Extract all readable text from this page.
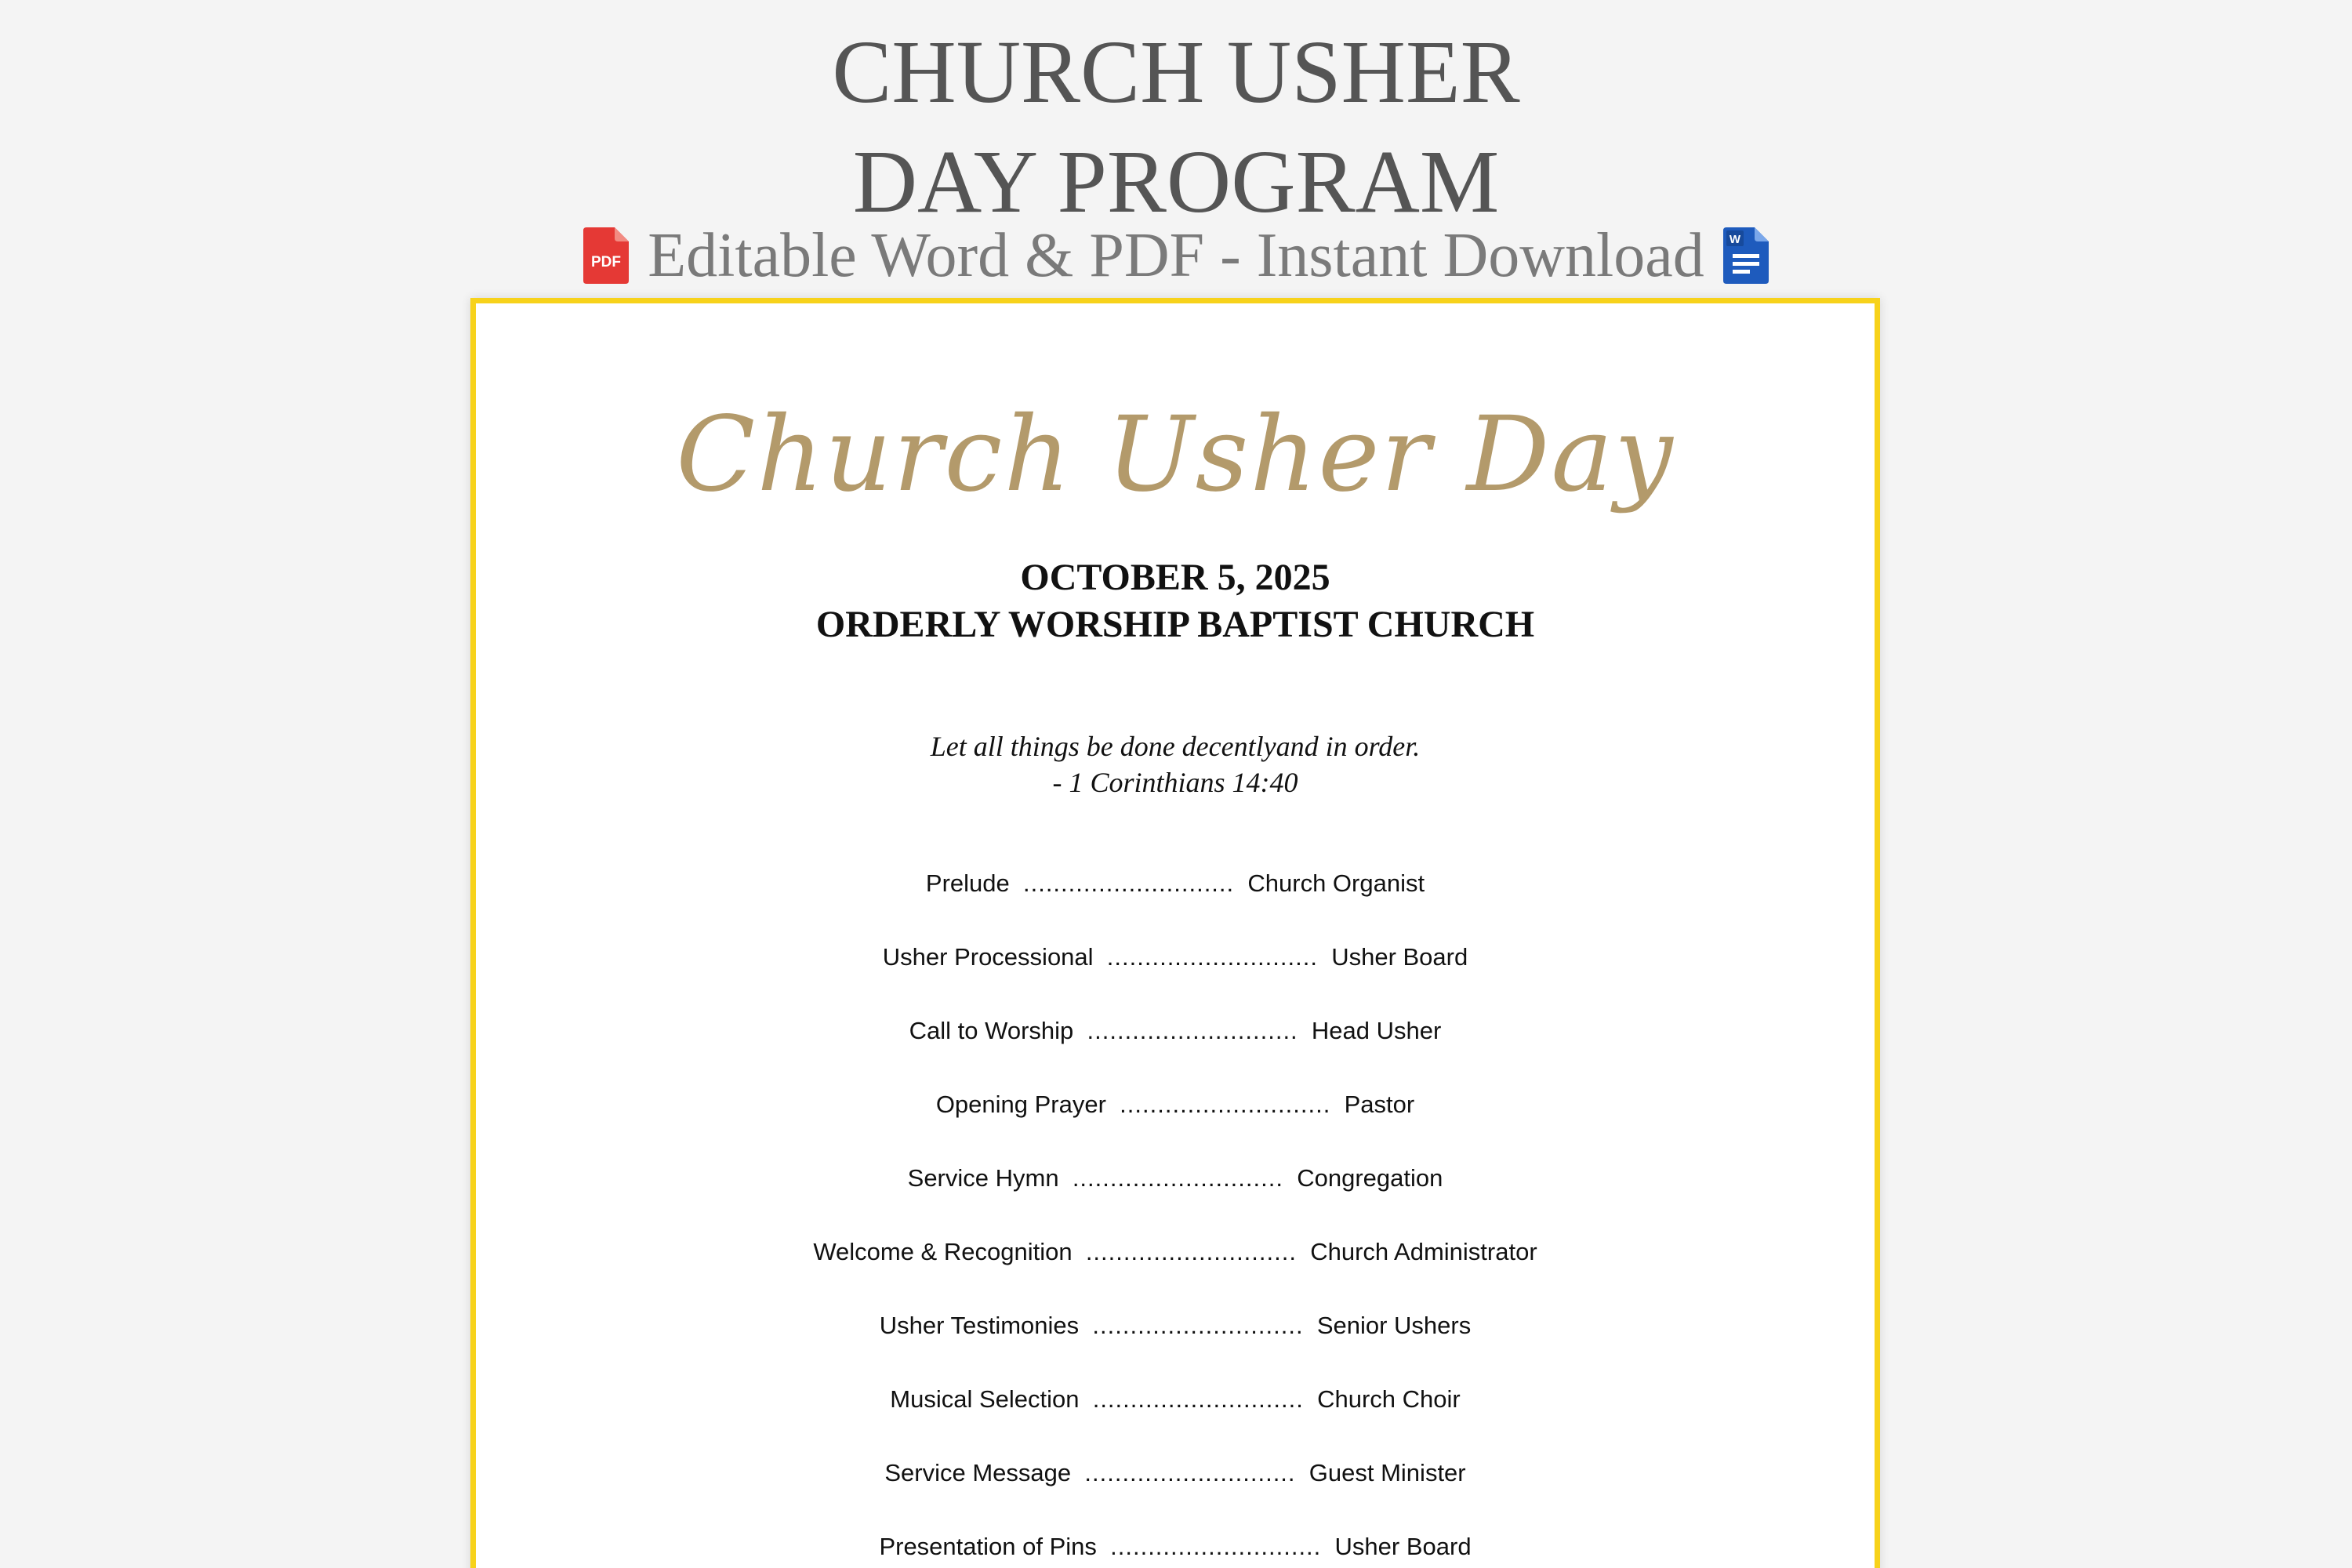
CHURCH USHER
DAY PROGRAM
PDF Editable Word & PDF - Instant Download W
Church Usher Day
OCTOBER 5, 2025
ORDERLY WORSHIP BAPTIST CHURCH
Let all things be done decentlyand in order.
- 1 Corinthians 14:40
Prelude ............................ Church Organist
Usher Processional ............................ Usher Board
Call to Worship ............................ Head Usher
Opening Prayer ............................ Pastor
Service Hymn ............................ Congregation
Welcome & Recognition ............................ Church Administrator
Usher Testimonies ............................ Senior Ushers
Musical Selection ............................ Church Choir
Service Message ............................ Guest Minister
Presentation of Pins ............................ Usher Board
